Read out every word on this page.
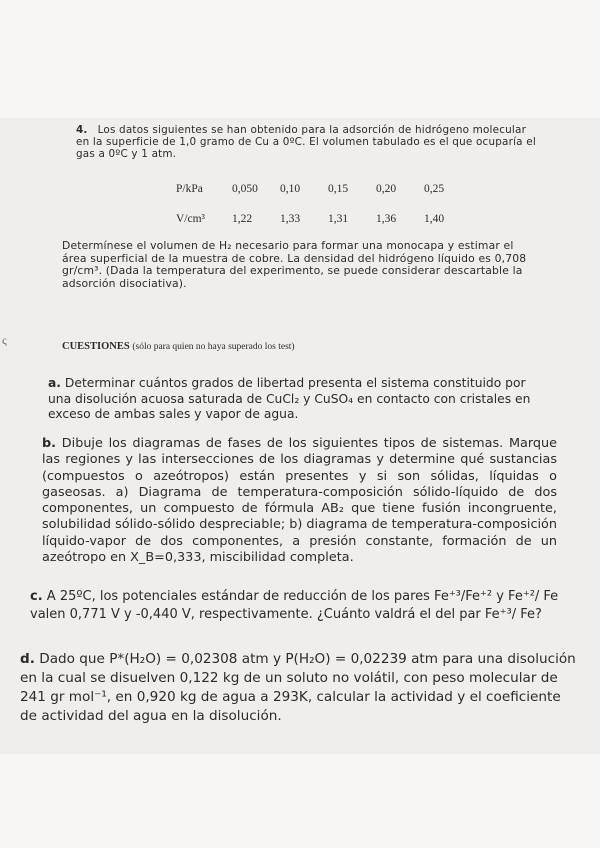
ς
4. Los datos siguientes se han obtenido para la adsorción de hidrógeno molecular en la superficie de 1,0 gramo de Cu a 0ºC. El volumen tabulado es el que ocuparía el gas a 0ºC y 1 atm.
P/kPa	0,050	0,10	0,15	0,20	0,25
V/cm³	1,22	1,33	1,31	1,36	1,40

Determínese el volumen de H₂ necesario para formar una monocapa y estimar el área superficial de la muestra de cobre. La densidad del hidrógeno líquido es 0,708 gr/cm³. (Dada la temperatura del experimento, se puede considerar descartable la adsorción disociativa).

CUESTIONES (sólo para quien no haya superado los test)

a. Determinar cuántos grados de libertad presenta el sistema constituido por una disolución acuosa saturada de CuCl₂ y CuSO₄ en contacto con cristales en exceso de ambas sales y vapor de agua.

b. Dibuje los diagramas de fases de los siguientes tipos de sistemas. Marque las regiones y las intersecciones de los diagramas y determine qué sustancias (compuestos o azeótropos) están presentes y si son sólidas, líquidas o gaseosas. a) Diagrama de temperatura-composición sólido-líquido de dos componentes, un compuesto de fórmula AB₂ que tiene fusión incongruente, solubilidad sólido-sólido despreciable; b) diagrama de temperatura-composición líquido-vapor de dos componentes, a presión constante, formación de un azeótropo en X_B=0,333, miscibilidad completa.

c. A 25ºC, los potenciales estándar de reducción de los pares Fe⁺³/Fe⁺² y Fe⁺²/ Fe valen 0,771 V y -0,440 V, respectivamente. ¿Cuánto valdrá el del par Fe⁺³/ Fe?

d. Dado que P*(H₂O) = 0,02308 atm y P(H₂O) = 0,02239 atm para una disolución en la cual se disuelven 0,122 kg de un soluto no volátil, con peso molecular de 241 gr mol⁻¹, en 0,920 kg de agua a 293K, calcular la actividad y el coeficiente de actividad del agua en la disolución.
